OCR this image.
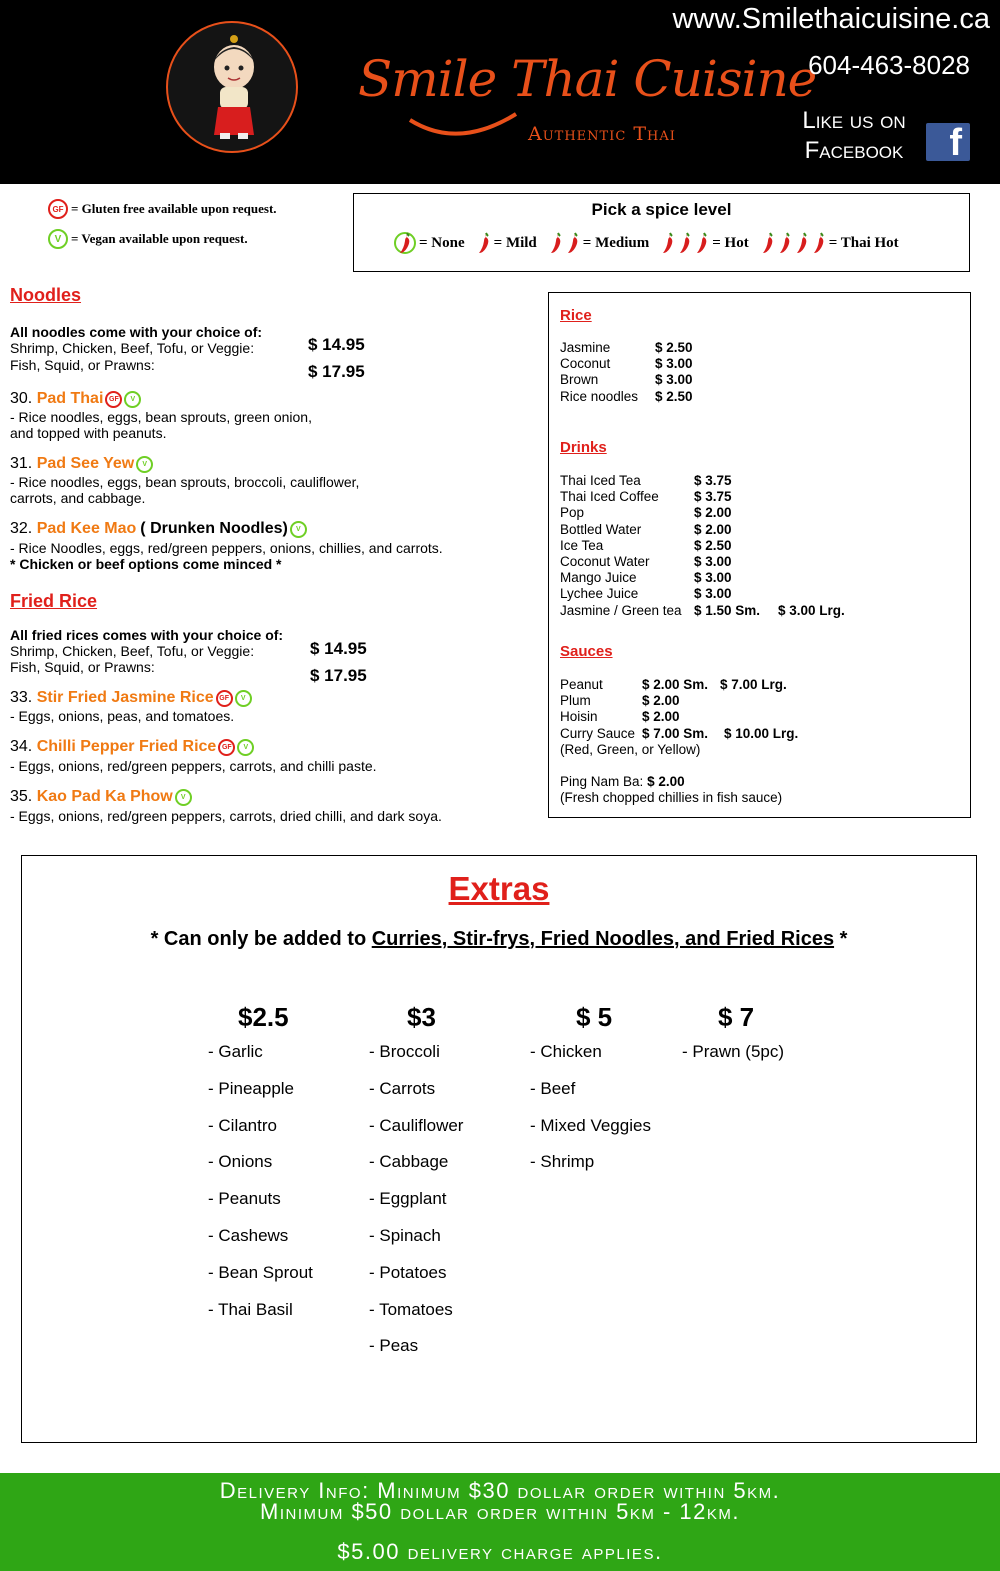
Smile Thai Cuisine
Authentic Thai
www.Smilethaicuisine.ca
604-463-8028
Like us on
Facebook	f
GF = Gluten free available upon request.
V = Vegan available upon request.
Pick a spice level
= None = Mild	= Medium	= Hot	= Thai Hot
Noodles
All noodles come with your choice of:
Shrimp, Chicken, Beef, Tofu, or Veggie:	$ 14.95
Fish, Squid, or Prawns:	$ 17.95
30.
Pad Thai GF	V
- Rice noodles, eggs, bean sprouts, green onion,
and topped with peanuts.
31.
Pad See Yew	V
- Rice noodles, eggs, bean sprouts, broccoli, cauliflower,
carrots, and cabbage.
32.
Pad Kee Mao ( Drunken Noodles)	V
- Rice Noodles, eggs, red/green peppers, onions, chillies, and carrots.
* Chicken or beef options come minced *
Fried Rice
All fried rices comes with your choice of:
Shrimp, Chicken, Beef, Tofu, or Veggie:	$ 14.95
Fish, Squid, or Prawns:	$ 17.95
33.
Stir Fried Jasmine Rice GF	V
- Eggs, onions, peas, and tomatoes.
34.
Chilli Pepper Fried Rice GF	V
- Eggs, onions, red/green peppers, carrots, and chilli paste.
35.
Kao Pad Ka Phow	V
- Eggs, onions, red/green peppers, carrots, dried chilli, and dark soya.
Rice
Jasmine	$ 2.50
Coconut	$ 3.00
Brown	$ 3.00
Rice noodles $ 2.50
Drinks
Thai Iced Tea	$ 3.75
Thai Iced Coffee	$ 3.75
Pop	$ 2.00
Bottled Water	$ 2.00
Ice Tea	$ 2.50
Coconut Water	$ 3.00
Mango Juice	$ 3.00
Lychee Juice	$ 3.00
Jasmine / Green tea $ 1.50 Sm. $ 3.00 Lrg.
Sauces
Peanut	$ 2.00 Sm. $ 7.00 Lrg.
Plum	$ 2.00
Hoisin	$ 2.00
Curry Sauce $ 7.00 Sm. $ 10.00 Lrg.
(Red, Green, or Yellow)
Ping Nam Ba: $ 2.00
(Fresh chopped chillies in fish sauce)
Extras
* Can only be added to Curries, Stir-frys, Fried Noodles, and Fried Rices *
$2.5
- Garlic
- Pineapple
- Cilantro
- Onions
- Peanuts
- Cashews
- Bean Sprout
- Thai Basil
$3
- Broccoli
- Carrots
- Cauliflower
- Cabbage
- Eggplant
- Spinach
- Potatoes
- Tomatoes
- Peas
$ 5
- Chicken
- Beef
- Mixed Veggies
- Shrimp
$ 7
- Prawn (5pc)
Delivery Info: Minimum $30 dollar order within 5km.
Minimum $50 dollar order within 5km - 12km.
$5.00 delivery charge applies.
